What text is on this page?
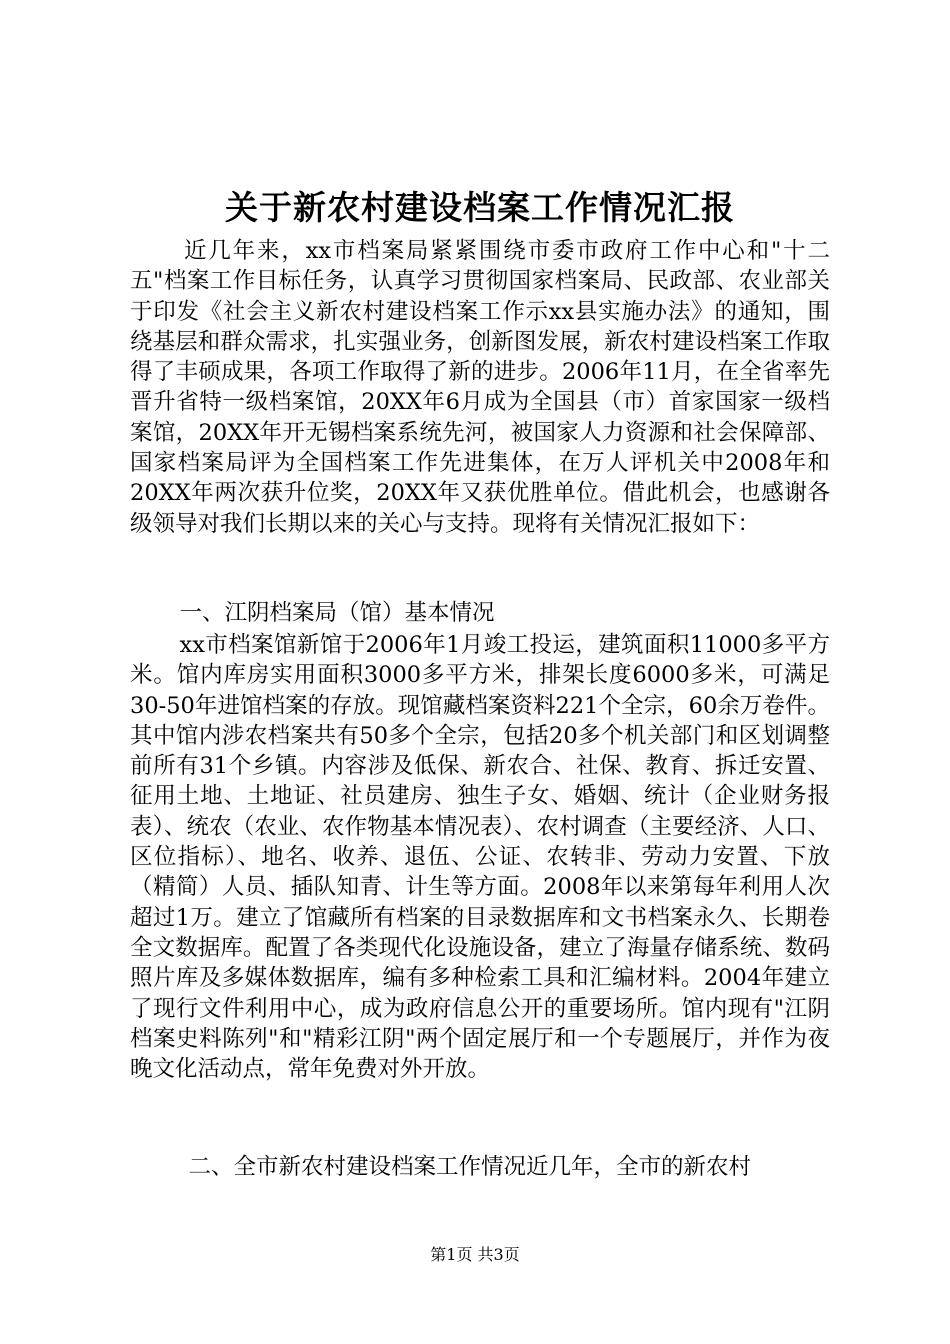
关于新农村建设档案工作情况汇报

近几年来，xx市档案局紧紧围绕市委市政府工作中心和"十二五"档案工作目标任务，认真学习贯彻国家档案局、民政部、农业部关于印发《社会主义新农村建设档案工作示xx县实施办法》的通知，围绕基层和群众需求，扎实强业务，创新图发展，新农村建设档案工作取得了丰硕成果，各项工作取得了新的进步。2006年11月，在全省率先晋升省特一级档案馆，20XX年6月成为全国县（市）首家国家一级档案馆，20XX年开无锡档案系统先河，被国家人力资源和社会保障部、国家档案局评为全国档案工作先进集体，在万人评机关中2008年和20XX年两次获升位奖，20XX年又获优胜单位。借此机会，也感谢各级领导对我们长期以来的关心与支持。现将有关情况汇报如下：

一、江阴档案局（馆）基本情况

xx市档案馆新馆于2006年1月竣工投运，建筑面积11000多平方米。馆内库房实用面积3000多平方米，排架长度6000多米，可满足30-50年进馆档案的存放。现馆藏档案资料221个全宗，60余万卷件。其中馆内涉农档案共有50多个全宗，包括20多个机关部门和区划调整前所有31个乡镇。内容涉及低保、新农合、社保、教育、拆迁安置、征用土地、土地证、社员建房、独生子女、婚姻、统计（企业财务报表）、统农（农业、农作物基本情况表）、农村调查（主要经济、人口、区位指标）、地名、收养、退伍、公证、农转非、劳动力安置、下放（精简）人员、插队知青、计生等方面。2008年以来第每年利用人次超过1万。建立了馆藏所有档案的目录数据库和文书档案永久、长期卷全文数据库。配置了各类现代化设施设备，建立了海量存储系统、数码照片库及多媒体数据库，编有多种检索工具和汇编材料。2004年建立了现行文件利用中心，成为政府信息公开的重要场所。馆内现有"江阴档案史料陈列"和"精彩江阴"两个固定展厅和一个专题展厅，并作为夜晚文化活动点，常年免费对外开放。

二、全市新农村建设档案工作情况近几年，全市的新农村

第1页 共3页
